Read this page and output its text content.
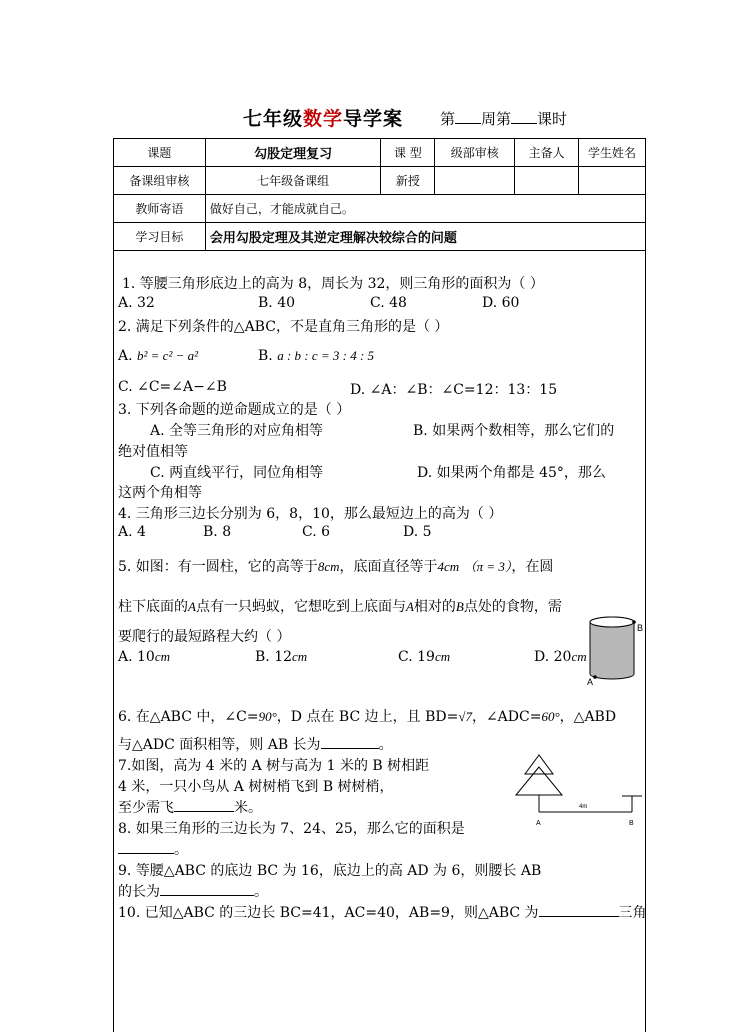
七年级数学导学案 第 周第 课时
课题	勾股定理复习	课 型	级部审核	主备人	学生姓名
备课组审核	七年级备课组	新授			
教师寄语	做好自己，才能成就自己。				
学习目标	会用勾股定理及其逆定理解决较综合的问题				
1. 等腰三角形底边上的高为 8，周长为 32，则三角形的面积为（ ）
A. 32	B. 40	C. 48	D. 60
2. 满足下列条件的△ABC，不是直角三角形的是（ ）
A. b² = c² − a²	B. a : b : c = 3 : 4 : 5
C. ∠C=∠A−∠B	D. ∠A：∠B：∠C=12：13：15
3. 下列各命题的逆命题成立的是（ ）
A. 全等三角形的对应角相等	B. 如果两个数相等，那么它们的
绝对值相等
C. 两直线平行，同位角相等	D. 如果两个角都是 45°，那么
这两个角相等
4. 三角形三边长分别为 6，8，10，那么最短边上的高为（ ）
A. 4	B. 8	C. 6	D. 5
5. 如图：有一圆柱，它的高等于8cm，底面直径等于4cm （π = 3），在圆
柱下底面的A点有一只蚂蚁，它想吃到上底面与A相对的B点处的食物，需
要爬行的最短路程大约（ ）
A. 10cm	B. 12cm	C. 19cm	D. 20cm
B
A
6. 在△ABC 中，∠C=90°，D 点在 BC 边上，且 BD=√7，∠ADC=60°，△ABD
与△ADC 面积相等，则 AB 长为	。
7.如图，高为 4 米的 A 树与高为 1 米的 B 树相距
4 米，一只小鸟从 A 树树梢飞到 B 树树梢，
至少需飞	米。	4m
A	B
8. 如果三角形的三边长为 7、24、25，那么它的面积是
。
9. 等腰△ABC 的底边 BC 为 16，底边上的高 AD 为 6，则腰长 AB
的长为	。
10. 已知△ABC 的三边长 BC=41，AC=40，AB=9，则△ABC 为	三角
